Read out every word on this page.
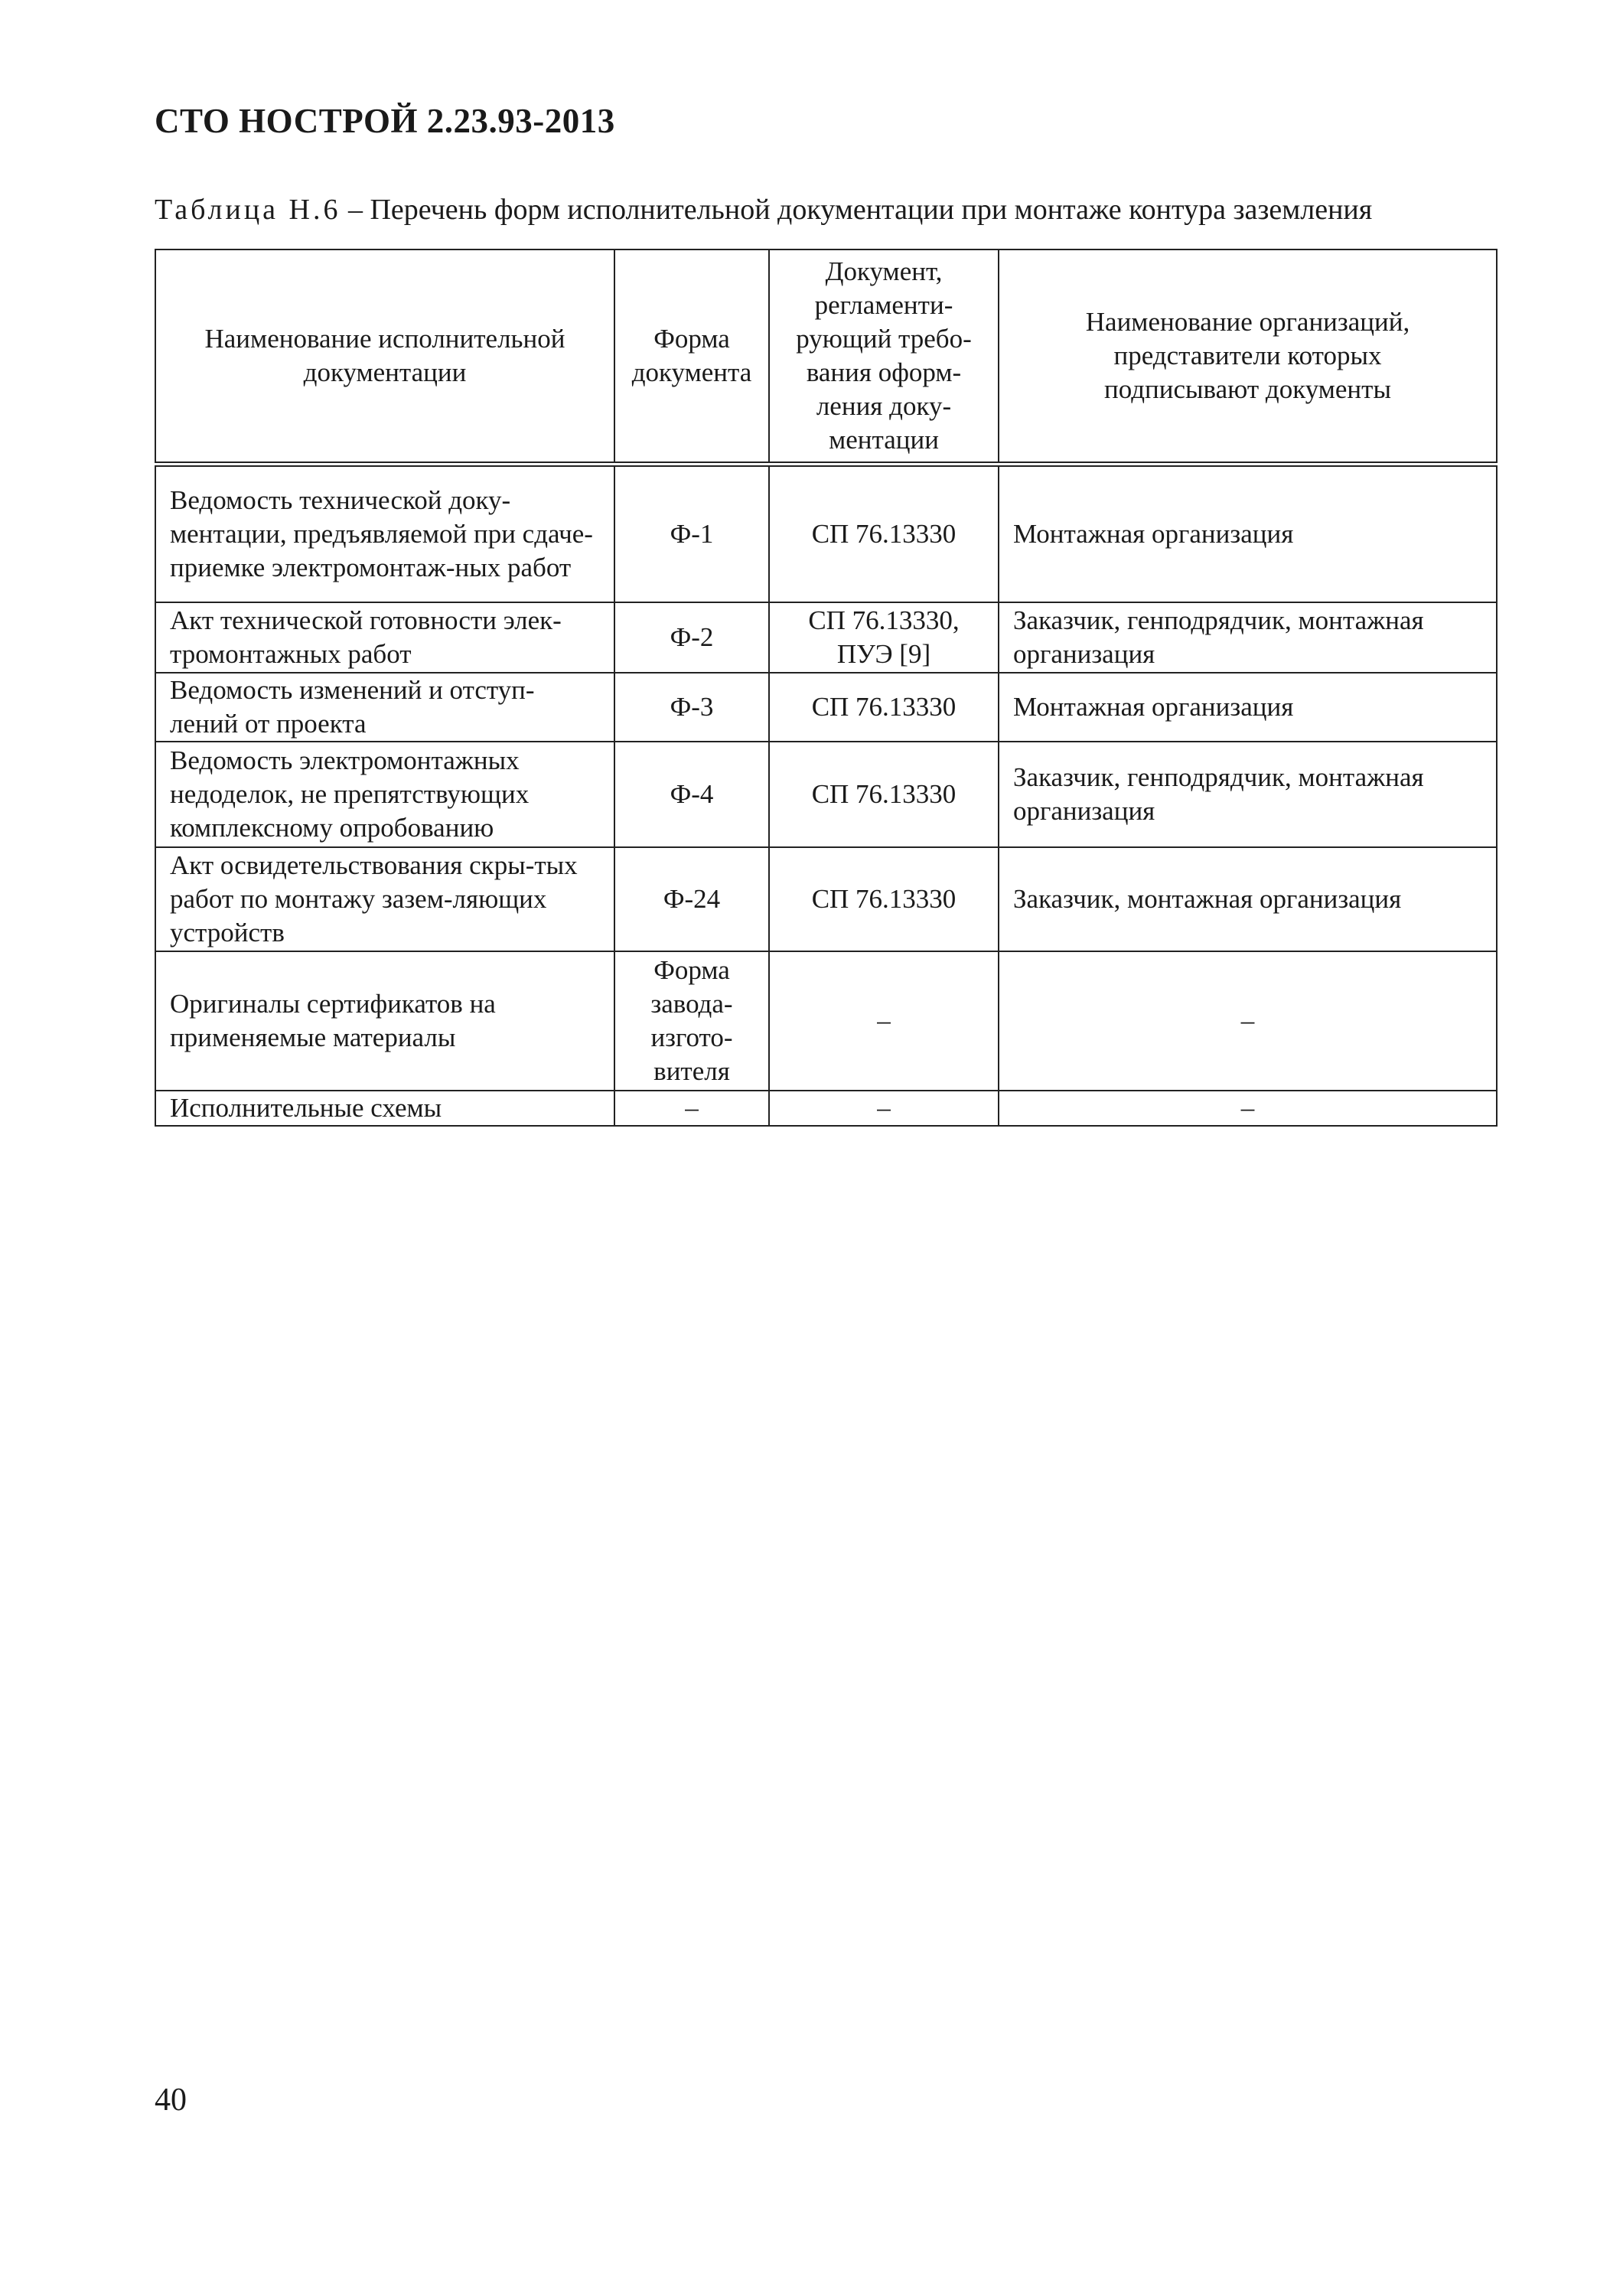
СТО НОСТРОЙ 2.23.93-2013
Таблица Н.6 – Перечень форм исполнительной документации при монтаже контура заземления
Наименование исполнительной документации	Форма документа	Документ, регламенти-рующий требо-вания оформ-ления доку-ментации	Наименование организаций, представители которых подписывают документы
Ведомость технической доку-ментации, предъявляемой при сдаче-приемке электромонтаж-ных работ	Ф-1	СП 76.13330	Монтажная организация
Акт технической готовности элек-тромонтажных работ	Ф-2	СП 76.13330, ПУЭ [9]	Заказчик, генподрядчик, монтажная организация
Ведомость изменений и отступ-лений от проекта	Ф-3	СП 76.13330	Монтажная организация
Ведомость электромонтажных недоделок, не препятствующих комплексному опробованию	Ф-4	СП 76.13330	Заказчик, генподрядчик, монтажная организация
Акт освидетельствования скры-тых работ по монтажу зазем-ляющих устройств	Ф-24	СП 76.13330	Заказчик, монтажная организация
Оригиналы сертификатов на применяемые материалы	Форма завода-изгото-вителя	–	–
Исполнительные схемы	–	–	–
40
